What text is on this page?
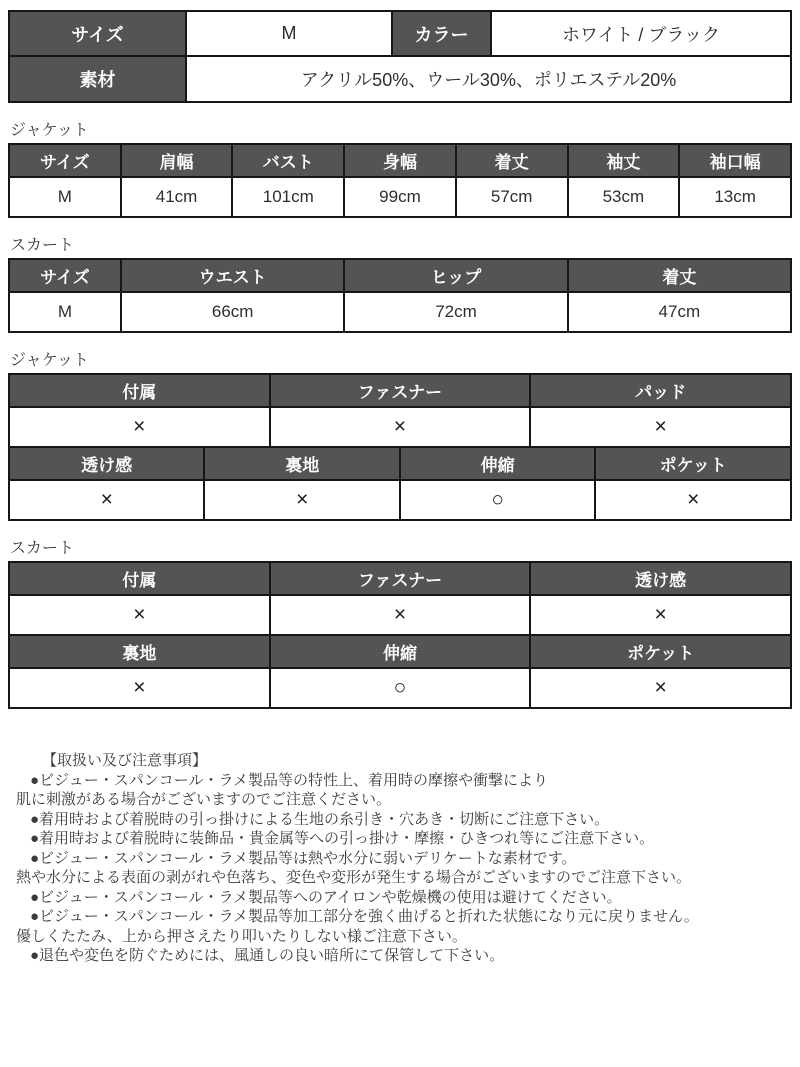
サイズ	M	カラー	ホワイト / ブラック
素材	アクリル50%、ウール30%、ポリエステル20%		
ジャケット
サイズ	肩幅	バスト	身幅	着丈	袖丈	袖口幅
M	41cm	101cm	99cm	57cm	53cm	13cm
スカート
サイズ	ウエスト	ヒップ	着丈
M	66cm	72cm	47cm
ジャケット
付属		ファスナー		パッド	
×		×		×	
透け感	裏地		伸縮		ポケット
×	×		○		×
スカート
付属	ファスナー	透け感
×	×	×
裏地	伸縮	ポケット
×	○	×
【取扱い及び注意事項】
●ビジュー・スパンコール・ラメ製品等の特性上、着用時の摩擦や衝撃により
肌に刺激がある場合がございますのでご注意ください。
●着用時および着脱時の引っ掛けによる生地の糸引き・穴あき・切断にご注意下さい。
●着用時および着脱時に装飾品・貴金属等への引っ掛け・摩擦・ひきつれ等にご注意下さい。
●ビジュー・スパンコール・ラメ製品等は熱や水分に弱いデリケートな素材です。
熱や水分による表面の剥がれや色落ち、変色や変形が発生する場合がございますのでご注意下さい。
●ビジュー・スパンコール・ラメ製品等へのアイロンや乾燥機の使用は避けてください。
●ビジュー・スパンコール・ラメ製品等加工部分を強く曲げると折れた状態になり元に戻りません。
優しくたたみ、上から押さえたり叩いたりしない様ご注意下さい。
●退色や変色を防ぐためには、風通しの良い暗所にて保管して下さい。
